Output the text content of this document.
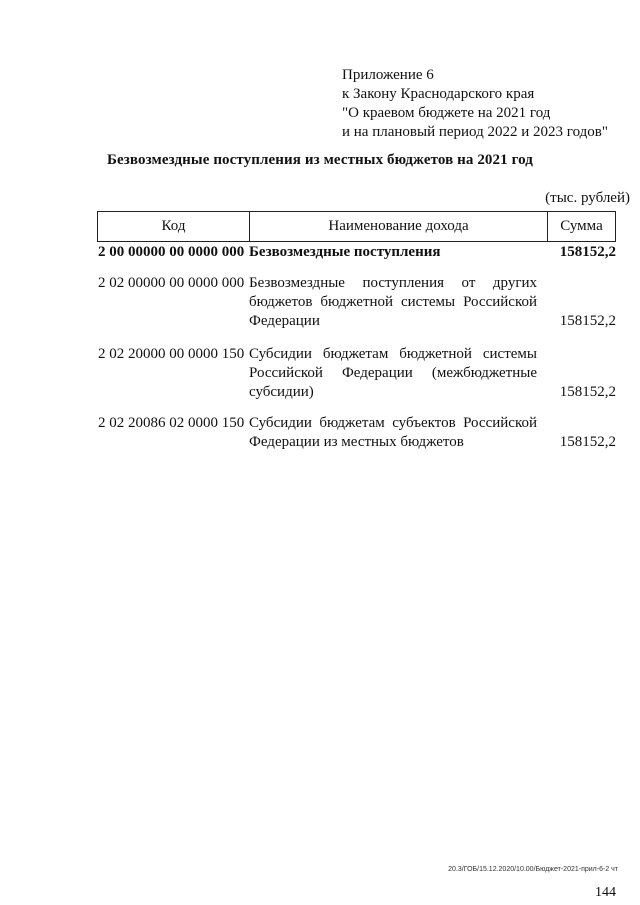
Приложение 6
к Закону Краснодарского края
"О краевом бюджете на 2021 год
и на плановый период 2022 и 2023 годов"
Безвозмездные поступления из местных бюджетов на 2021 год
(тыс. рублей)
Код	Наименование дохода	Сумма
2 00 00000 00 0000 000 Безвозмездные поступления	158152,2
2 02 00000 00 0000 000 Безвозмездные поступления от других бюджетов бюджетной системы Российской Федерации	158152,2
2 02 20000 00 0000 150 Субсидии бюджетам бюджетной системы Российской Федерации (межбюджетные субсидии)	158152,2
2 02 20086 02 0000 150 Субсидии бюджетам субъектов Российской Федерации из местных бюджетов	158152,2
20.3/ГОБ/15.12.2020/10.00/Бюджет-2021-прил-6-2 чт
144
